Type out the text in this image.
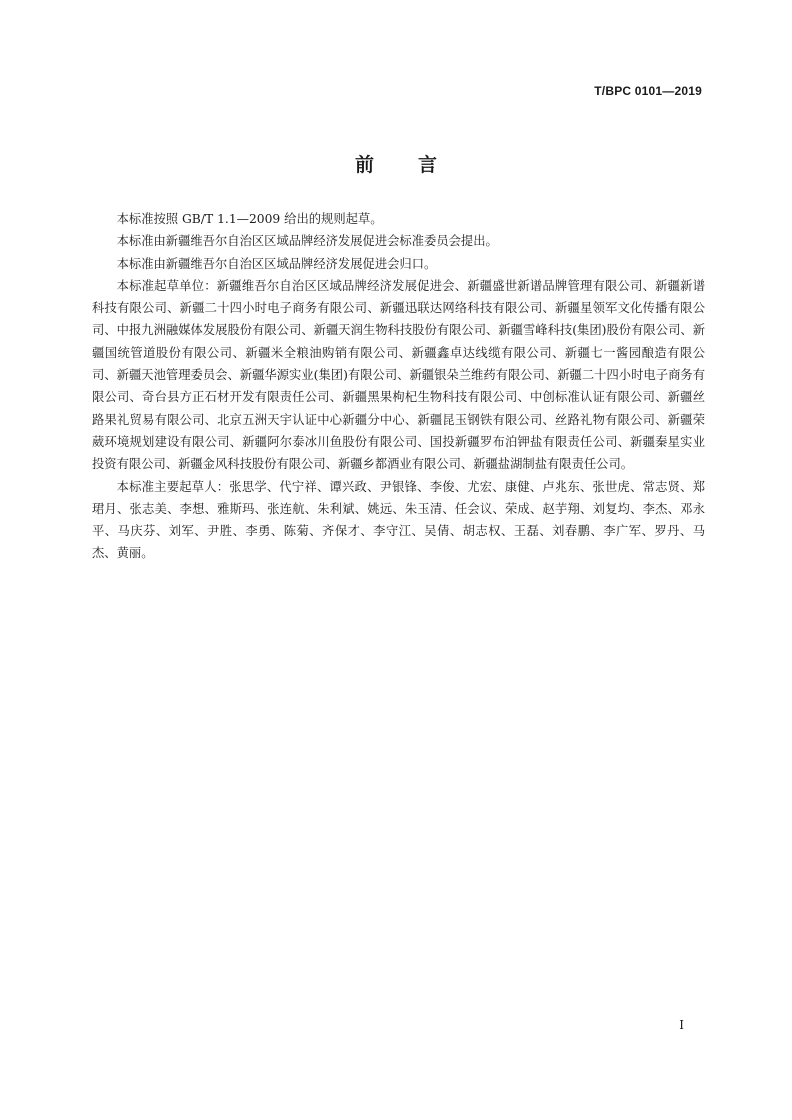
T/BPC 0101—2019
前言

本标准按照 GB/T 1.1—2009 给出的规则起草。

本标准由新疆维吾尔自治区区域品牌经济发展促进会标准委员会提出。

本标准由新疆维吾尔自治区区域品牌经济发展促进会归口。

本标准起草单位：新疆维吾尔自治区区域品牌经济发展促进会、新疆盛世新谱品牌管理有限公司、新疆新谱科技有限公司、新疆二十四小时电子商务有限公司、新疆迅联达网络科技有限公司、新疆星领军文化传播有限公司、中报九洲融媒体发展股份有限公司、新疆天润生物科技股份有限公司、新疆雪峰科技(集团)股份有限公司、新疆国统管道股份有限公司、新疆米全粮油购销有限公司、新疆鑫卓达线缆有限公司、新疆七一酱园酿造有限公司、新疆天池管理委员会、新疆华源实业(集团)有限公司、新疆银朵兰维药有限公司、新疆二十四小时电子商务有限公司、奇台县方正石材开发有限责任公司、新疆黑果枸杞生物科技有限公司、中创标准认证有限公司、新疆丝路果礼贸易有限公司、北京五洲天宇认证中心新疆分中心、新疆昆玉钢铁有限公司、丝路礼物有限公司、新疆荣葳环境规划建设有限公司、新疆阿尔泰冰川鱼股份有限公司、国投新疆罗布泊钾盐有限责任公司、新疆秦星实业投资有限公司、新疆金风科技股份有限公司、新疆乡都酒业有限公司、新疆盐湖制盐有限责任公司。

本标准主要起草人：张思学、代宁祥、谭兴政、尹银锋、李俊、尤宏、康健、卢兆东、张世虎、常志贤、郑珺月、张志美、李想、雅斯玛、张连航、朱利斌、姚远、朱玉清、任会议、荣成、赵芋翔、刘复均、李杰、邓永平、马庆芬、刘军、尹胜、李勇、陈菊、齐保才、李守江、吴倩、胡志权、王磊、刘春鹏、李广军、罗丹、马杰、黄丽。

I
